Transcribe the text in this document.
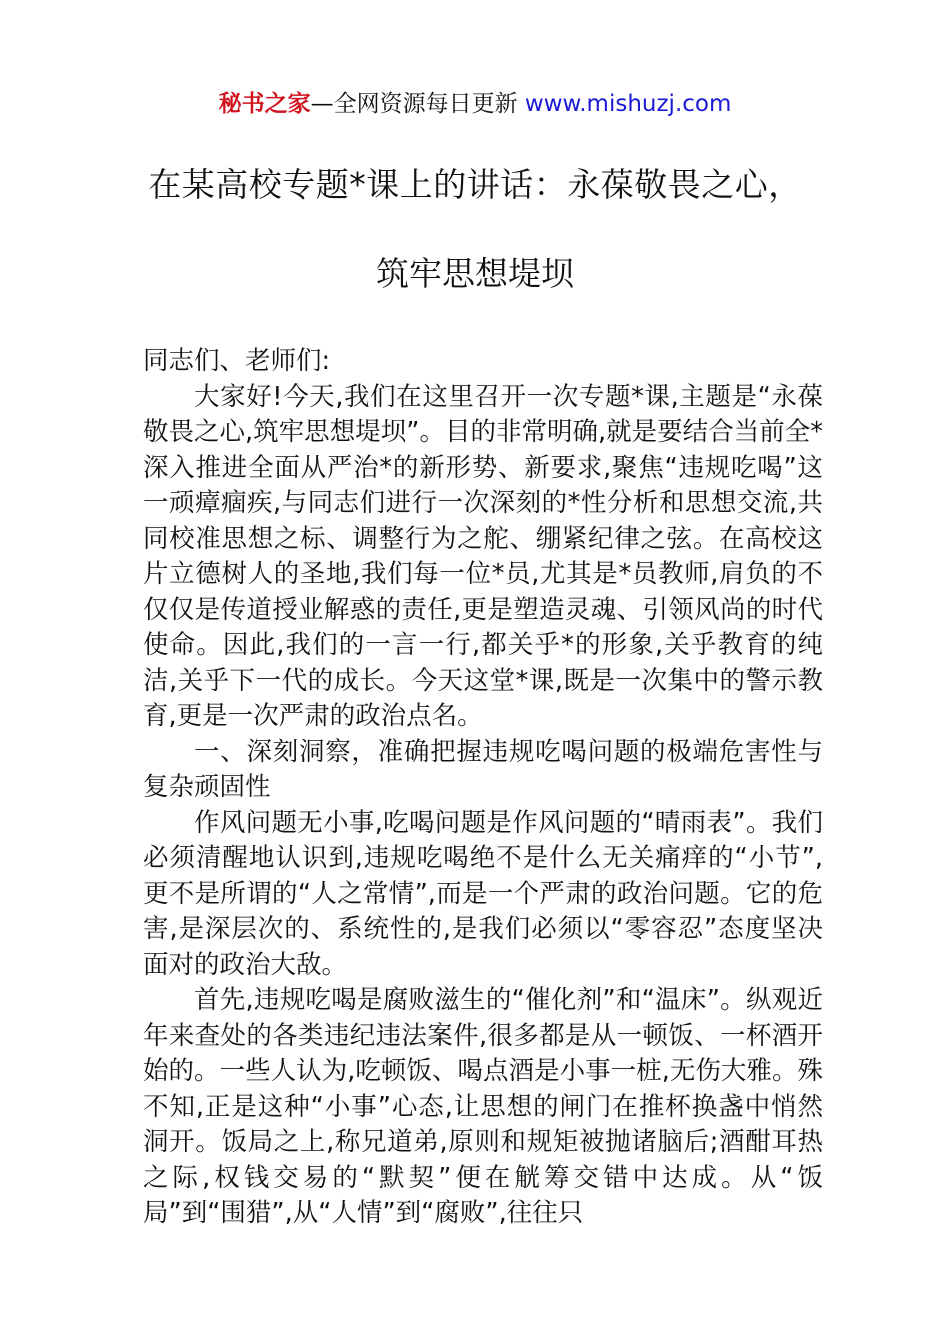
秘书之家—全网资源每日更新 www.mishuzj.com
在某高校专题*课上的讲话：永葆敬畏之心，
筑牢思想堤坝

同志们、老师们:

大家好!今天,我们在这里召开一次专题*课,主题是“永葆敬畏之心,筑牢思想堤坝”。目的非常明确,就是要结合当前全*深入推进全面从严治*的新形势、新要求,聚焦“违规吃喝”这一顽瘴痼疾,与同志们进行一次深刻的*性分析和思想交流,共同校准思想之标、调整行为之舵、绷紧纪律之弦。在高校这片立德树人的圣地,我们每一位*员,尤其是*员教师,肩负的不仅仅是传道授业解惑的责任,更是塑造灵魂、引领风尚的时代使命。因此,我们的一言一行,都关乎*的形象,关乎教育的纯洁,关乎下一代的成长。今天这堂*课,既是一次集中的警示教育,更是一次严肃的政治点名。

一、深刻洞察，准确把握违规吃喝问题的极端危害性与复杂顽固性

作风问题无小事,吃喝问题是作风问题的“晴雨表”。我们必须清醒地认识到,违规吃喝绝不是什么无关痛痒的“小节”,更不是所谓的“人之常情”,而是一个严肃的政治问题。它的危害,是深层次的、系统性的,是我们必须以“零容忍”态度坚决面对的政治大敌。

首先,违规吃喝是腐败滋生的“催化剂”和“温床”。纵观近年来查处的各类违纪违法案件,很多都是从一顿饭、一杯酒开始的。一些人认为,吃顿饭、喝点酒是小事一桩,无伤大雅。殊不知,正是这种“小事”心态,让思想的闸门在推杯换盏中悄然洞开。饭局之上,称兄道弟,原则和规矩被抛诸脑后;酒酣耳热之际,权钱交易的“默契”便在觥筹交错中达成。从“饭局”到“围猎”,从“人情”到“腐败”,往往只
